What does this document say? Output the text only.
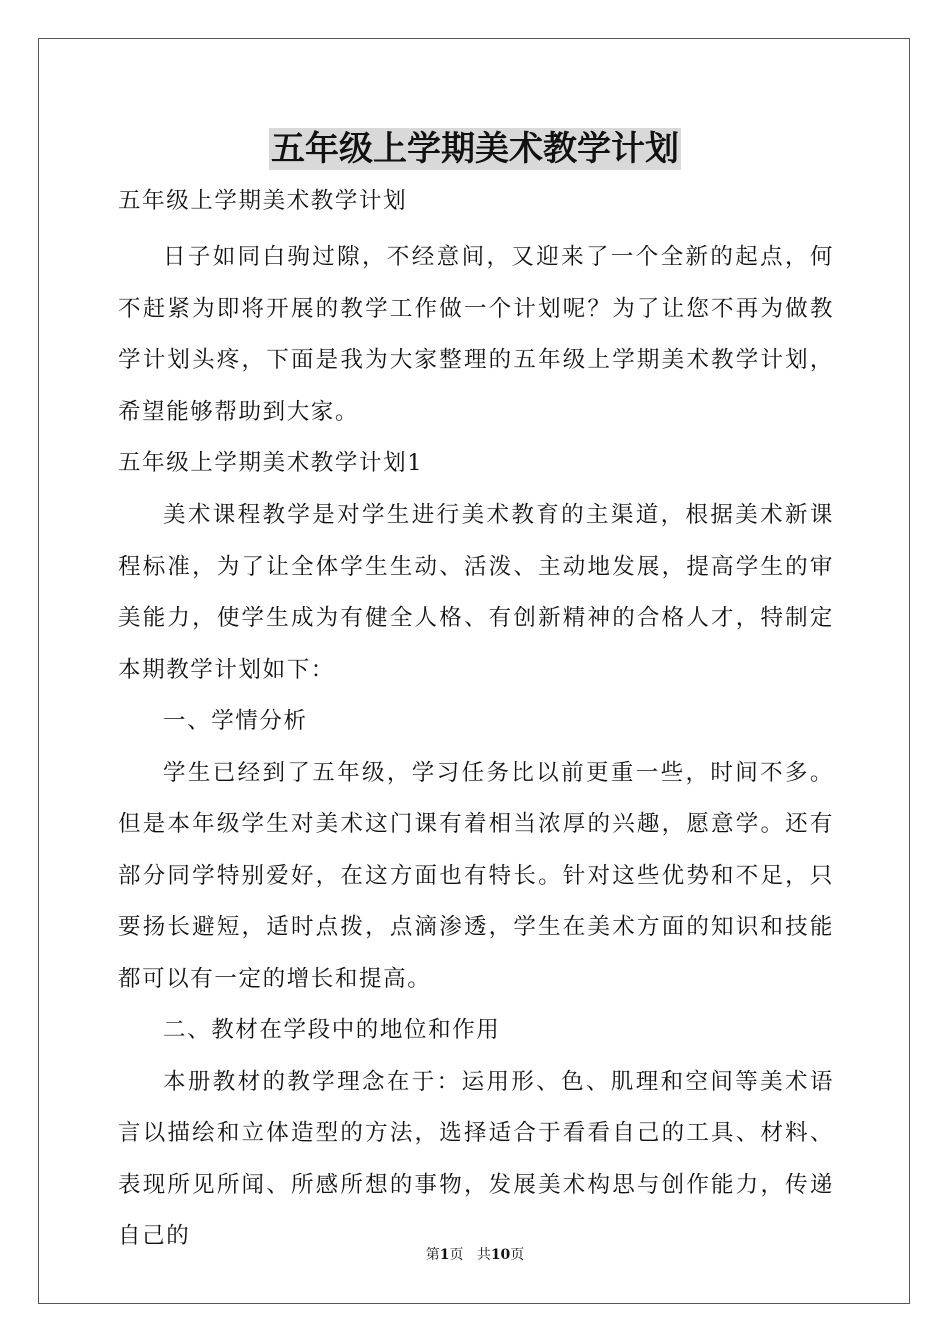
五年级上学期美术教学计划

五年级上学期美术教学计划

日子如同白驹过隙，不经意间，又迎来了一个全新的起点，何不赶紧为即将开展的教学工作做一个计划呢？为了让您不再为做教学计划头疼，下面是我为大家整理的五年级上学期美术教学计划，希望能够帮助到大家。

五年级上学期美术教学计划1

美术课程教学是对学生进行美术教育的主渠道，根据美术新课程标准，为了让全体学生生动、活泼、主动地发展，提高学生的审美能力，使学生成为有健全人格、有创新精神的合格人才，特制定本期教学计划如下：

一、学情分析

学生已经到了五年级，学习任务比以前更重一些，时间不多。但是本年级学生对美术这门课有着相当浓厚的兴趣，愿意学。还有部分同学特别爱好，在这方面也有特长。针对这些优势和不足，只要扬长避短，适时点拨，点滴渗透，学生在美术方面的知识和技能都可以有一定的增长和提高。

二、教材在学段中的地位和作用

本册教材的教学理念在于：运用形、色、肌理和空间等美术语言以描绘和立体造型的方法，选择适合于看看自己的工具、材料、表现所见所闻、所感所想的事物，发展美术构思与创作能力，传递自己的

第1页 共10页
